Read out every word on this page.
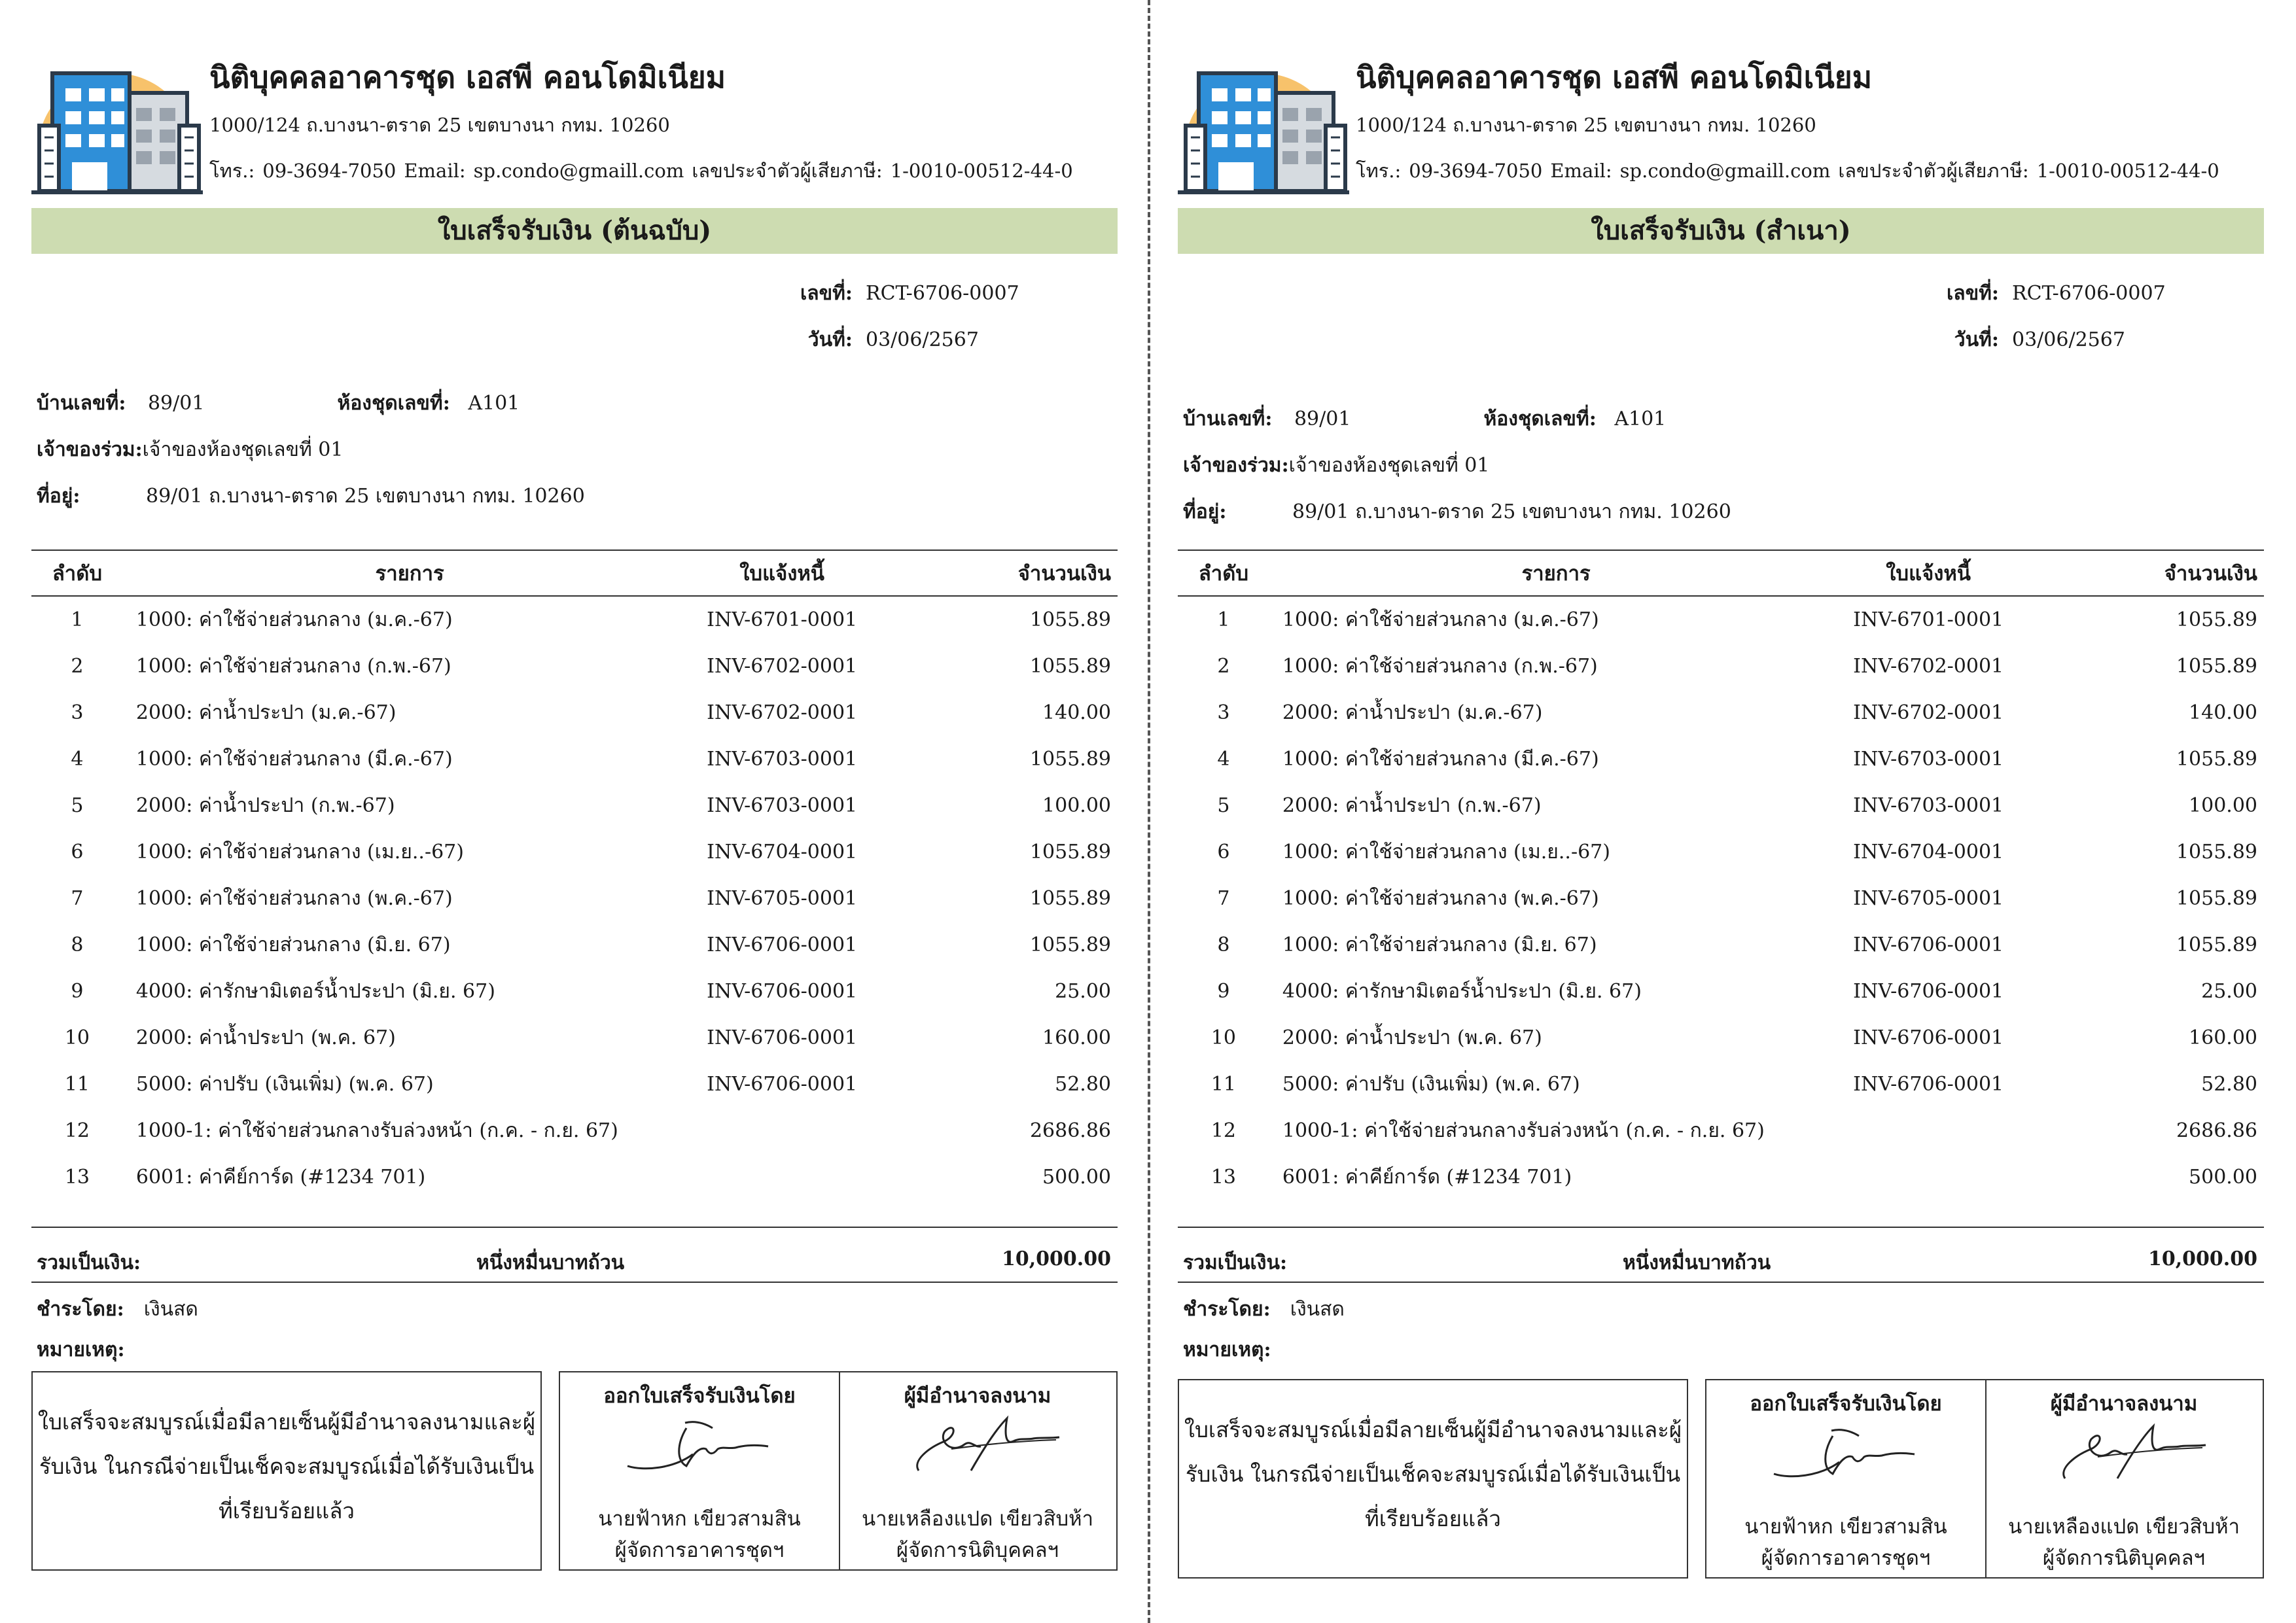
นิติบุคคลอาคารชุด เอสพี คอนโดมิเนียม
1000/124 ถ.บางนา-ตราด 25 เขตบางนา กทม. 10260
โทร.: 09-3694-7050 Email: sp.condo@gmaill.com เลขประจำตัวผู้เสียภาษี: 1-0010-00512-44-0
ใบเสร็จรับเงิน (ต้นฉบับ)
เลขที่: RCT-6706-0007
วันที่: 03/06/2567
บ้านเลขที่: 89/01	ห้องชุดเลขที่: A101
เจ้าของร่วม:เจ้าของห้องชุดเลขที่ 01
ที่อยู่:	89/01 ถ.บางนา-ตราด 25 เขตบางนา กทม. 10260
ลำดับ	รายการ	ใบแจ้งหนี้	จำนวนเงิน
1	1000: ค่าใช้จ่ายส่วนกลาง (ม.ค.-67)	INV-6701-0001	1055.89
2	1000: ค่าใช้จ่ายส่วนกลาง (ก.พ.-67)	INV-6702-0001	1055.89
3	2000: ค่าน้ำประปา (ม.ค.-67)	INV-6702-0001	140.00
4	1000: ค่าใช้จ่ายส่วนกลาง (มี.ค.-67)	INV-6703-0001	1055.89
5	2000: ค่าน้ำประปา (ก.พ.-67)	INV-6703-0001	100.00
6	1000: ค่าใช้จ่ายส่วนกลาง (เม.ย..-67)	INV-6704-0001	1055.89
7	1000: ค่าใช้จ่ายส่วนกลาง (พ.ค.-67)	INV-6705-0001	1055.89
8	1000: ค่าใช้จ่ายส่วนกลาง (มิ.ย. 67)	INV-6706-0001	1055.89
9	4000: ค่ารักษามิเตอร์น้ำประปา (มิ.ย. 67)	INV-6706-0001	25.00
10	2000: ค่าน้ำประปา (พ.ค. 67)	INV-6706-0001	160.00
11	5000: ค่าปรับ (เงินเพิ่ม) (พ.ค. 67)	INV-6706-0001	52.80
12	1000-1: ค่าใช้จ่ายส่วนกลางรับล่วงหน้า (ก.ค. - ก.ย. 67)		2686.86
13	6001: ค่าคีย์การ์ด (#1234 701)		500.00

รวมเป็นเงิน:	หนึ่งหมื่นบาทถ้วน	10,000.00
ชำระโดย: เงินสด
หมายเหตุ:
ใบเสร็จจะสมบูรณ์เมื่อมีลายเซ็นผู้มีอำนาจลงนามและผู้
รับเงิน ในกรณีจ่ายเป็นเช็คจะสมบูรณ์เมื่อได้รับเงินเป็น
ที่เรียบร้อยแล้ว
ออกใบเสร็จรับเงินโดย
นายฟ้าหก เขียวสามสิน
ผู้จัดการอาคารชุดฯ
ผู้มีอำนาจลงนาม
นายเหลืองแปด เขียวสิบห้า
ผู้จัดการนิติบุคคลฯ
นิติบุคคลอาคารชุด เอสพี คอนโดมิเนียม
1000/124 ถ.บางนา-ตราด 25 เขตบางนา กทม. 10260
โทร.: 09-3694-7050 Email: sp.condo@gmaill.com เลขประจำตัวผู้เสียภาษี: 1-0010-00512-44-0
ใบเสร็จรับเงิน (สำเนา)
เลขที่: RCT-6706-0007
วันที่: 03/06/2567
บ้านเลขที่: 89/01	ห้องชุดเลขที่: A101
เจ้าของร่วม:เจ้าของห้องชุดเลขที่ 01
ที่อยู่:	89/01 ถ.บางนา-ตราด 25 เขตบางนา กทม. 10260
ลำดับ	รายการ	ใบแจ้งหนี้	จำนวนเงิน
1	1000: ค่าใช้จ่ายส่วนกลาง (ม.ค.-67)	INV-6701-0001	1055.89
2	1000: ค่าใช้จ่ายส่วนกลาง (ก.พ.-67)	INV-6702-0001	1055.89
3	2000: ค่าน้ำประปา (ม.ค.-67)	INV-6702-0001	140.00
4	1000: ค่าใช้จ่ายส่วนกลาง (มี.ค.-67)	INV-6703-0001	1055.89
5	2000: ค่าน้ำประปา (ก.พ.-67)	INV-6703-0001	100.00
6	1000: ค่าใช้จ่ายส่วนกลาง (เม.ย..-67)	INV-6704-0001	1055.89
7	1000: ค่าใช้จ่ายส่วนกลาง (พ.ค.-67)	INV-6705-0001	1055.89
8	1000: ค่าใช้จ่ายส่วนกลาง (มิ.ย. 67)	INV-6706-0001	1055.89
9	4000: ค่ารักษามิเตอร์น้ำประปา (มิ.ย. 67)	INV-6706-0001	25.00
10	2000: ค่าน้ำประปา (พ.ค. 67)	INV-6706-0001	160.00
11	5000: ค่าปรับ (เงินเพิ่ม) (พ.ค. 67)	INV-6706-0001	52.80
12	1000-1: ค่าใช้จ่ายส่วนกลางรับล่วงหน้า (ก.ค. - ก.ย. 67)		2686.86
13	6001: ค่าคีย์การ์ด (#1234 701)		500.00

รวมเป็นเงิน:	หนึ่งหมื่นบาทถ้วน	10,000.00
ชำระโดย: เงินสด
หมายเหตุ:
ใบเสร็จจะสมบูรณ์เมื่อมีลายเซ็นผู้มีอำนาจลงนามและผู้
รับเงิน ในกรณีจ่ายเป็นเช็คจะสมบูรณ์เมื่อได้รับเงินเป็น
ที่เรียบร้อยแล้ว
ออกใบเสร็จรับเงินโดย
นายฟ้าหก เขียวสามสิน
ผู้จัดการอาคารชุดฯ
ผู้มีอำนาจลงนาม
นายเหลืองแปด เขียวสิบห้า
ผู้จัดการนิติบุคคลฯ
